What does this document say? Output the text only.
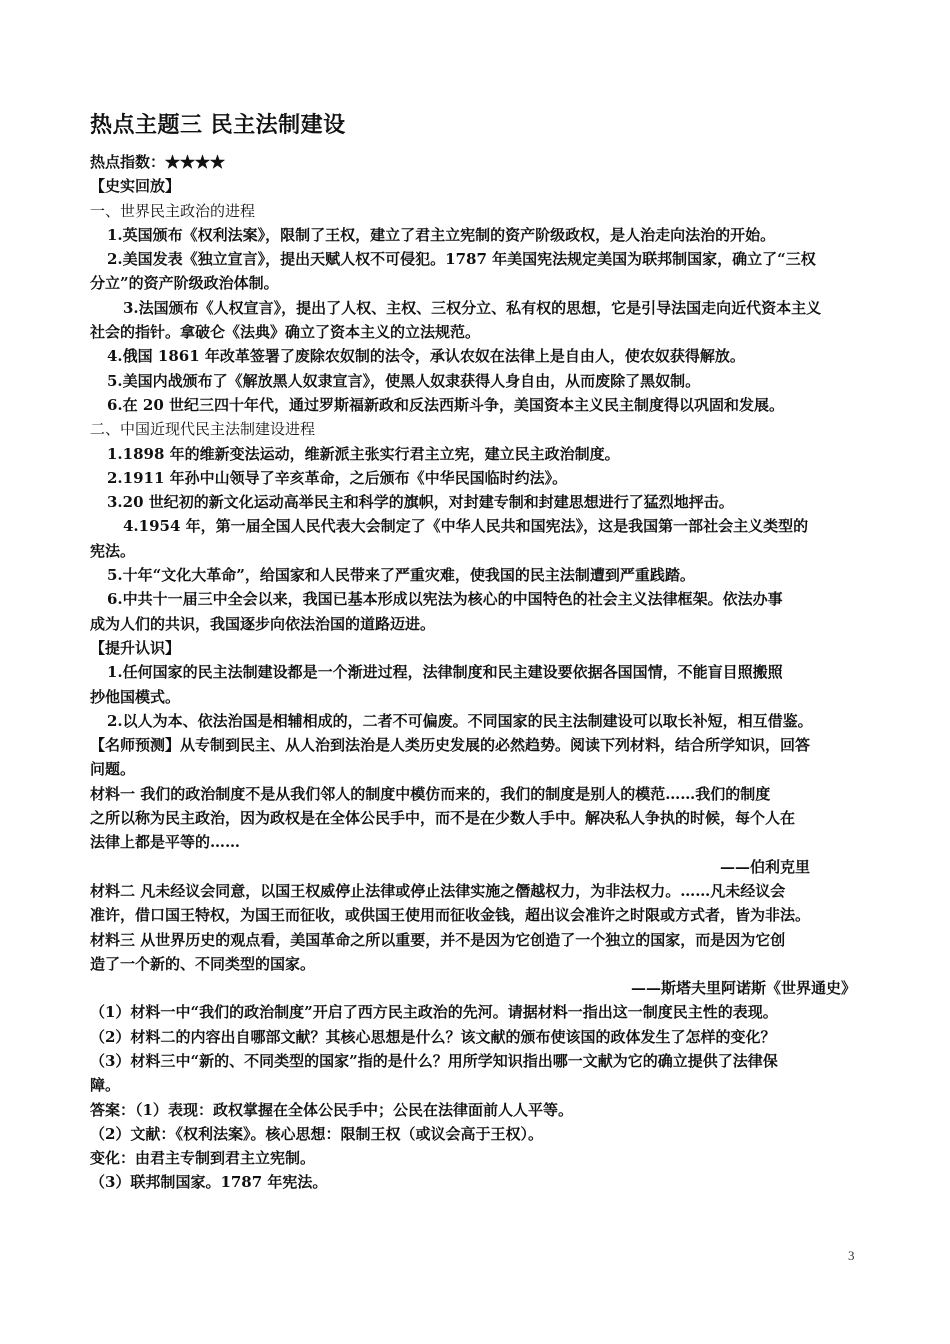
热点主题三 民主法制建设
热点指数：★★★★
【史实回放】
一、世界民主政治的进程
1.英国颁布《权利法案》，限制了王权，建立了君主立宪制的资产阶级政权，是人治走向法治的开始。
2.美国发表《独立宣言》，提出天赋人权不可侵犯。1787 年美国宪法规定美国为联邦制国家，确立了“三权
分立”的资产阶级政治体制。
3.法国颁布《人权宣言》，提出了人权、主权、三权分立、私有权的思想，它是引导法国走向近代资本主义
社会的指针。拿破仑《法典》确立了资本主义的立法规范。
4.俄国 1861 年改革签署了废除农奴制的法令，承认农奴在法律上是自由人，使农奴获得解放。
5.美国内战颁布了《解放黑人奴隶宣言》，使黑人奴隶获得人身自由，从而废除了黑奴制。
6.在 20 世纪三四十年代，通过罗斯福新政和反法西斯斗争，美国资本主义民主制度得以巩固和发展。
二、中国近现代民主法制建设进程
1.1898 年的维新变法运动，维新派主张实行君主立宪，建立民主政治制度。
2.1911 年孙中山领导了辛亥革命，之后颁布《中华民国临时约法》。
3.20 世纪初的新文化运动高举民主和科学的旗帜，对封建专制和封建思想进行了猛烈地抨击。
4.1954 年，第一届全国人民代表大会制定了《中华人民共和国宪法》，这是我国第一部社会主义类型的
宪法。
5.十年“文化大革命”，给国家和人民带来了严重灾难，使我国的民主法制遭到严重践踏。
6.中共十一届三中全会以来，我国已基本形成以宪法为核心的中国特色的社会主义法律框架。依法办事
成为人们的共识，我国逐步向依法治国的道路迈进。
【提升认识】
1.任何国家的民主法制建设都是一个渐进过程，法律制度和民主建设要依据各国国情，不能盲目照搬照
抄他国模式。
2.以人为本、依法治国是相辅相成的，二者不可偏废。不同国家的民主法制建设可以取长补短，相互借鉴。
【名师预测】从专制到民主、从人治到法治是人类历史发展的必然趋势。阅读下列材料，结合所学知识，回答
问题。
材料一 我们的政治制度不是从我们邻人的制度中模仿而来的，我们的制度是别人的模范……我们的制度
之所以称为民主政治，因为政权是在全体公民手中，而不是在少数人手中。解决私人争执的时候，每个人在
法律上都是平等的……
——伯利克里
材料二 凡未经议会同意，以国王权威停止法律或停止法律实施之僭越权力，为非法权力。……凡未经议会
准许，借口国王特权，为国王而征收，或供国王使用而征收金钱，超出议会准许之时限或方式者，皆为非法。
材料三 从世界历史的观点看，美国革命之所以重要，并不是因为它创造了一个独立的国家，而是因为它创
造了一个新的、不同类型的国家。
——斯塔夫里阿诺斯《世界通史》
（1）材料一中“我们的政治制度”开启了西方民主政治的先河。请据材料一指出这一制度民主性的表现。
（2）材料二的内容出自哪部文献？其核心思想是什么？该文献的颁布使该国的政体发生了怎样的变化？
（3）材料三中“新的、不同类型的国家”指的是什么？用所学知识指出哪一文献为它的确立提供了法律保
障。
答案：（1）表现：政权掌握在全体公民手中；公民在法律面前人人平等。
（2）文献：《权利法案》。核心思想：限制王权（或议会高于王权）。
变化：由君主专制到君主立宪制。
（3）联邦制国家。1787 年宪法。
3
